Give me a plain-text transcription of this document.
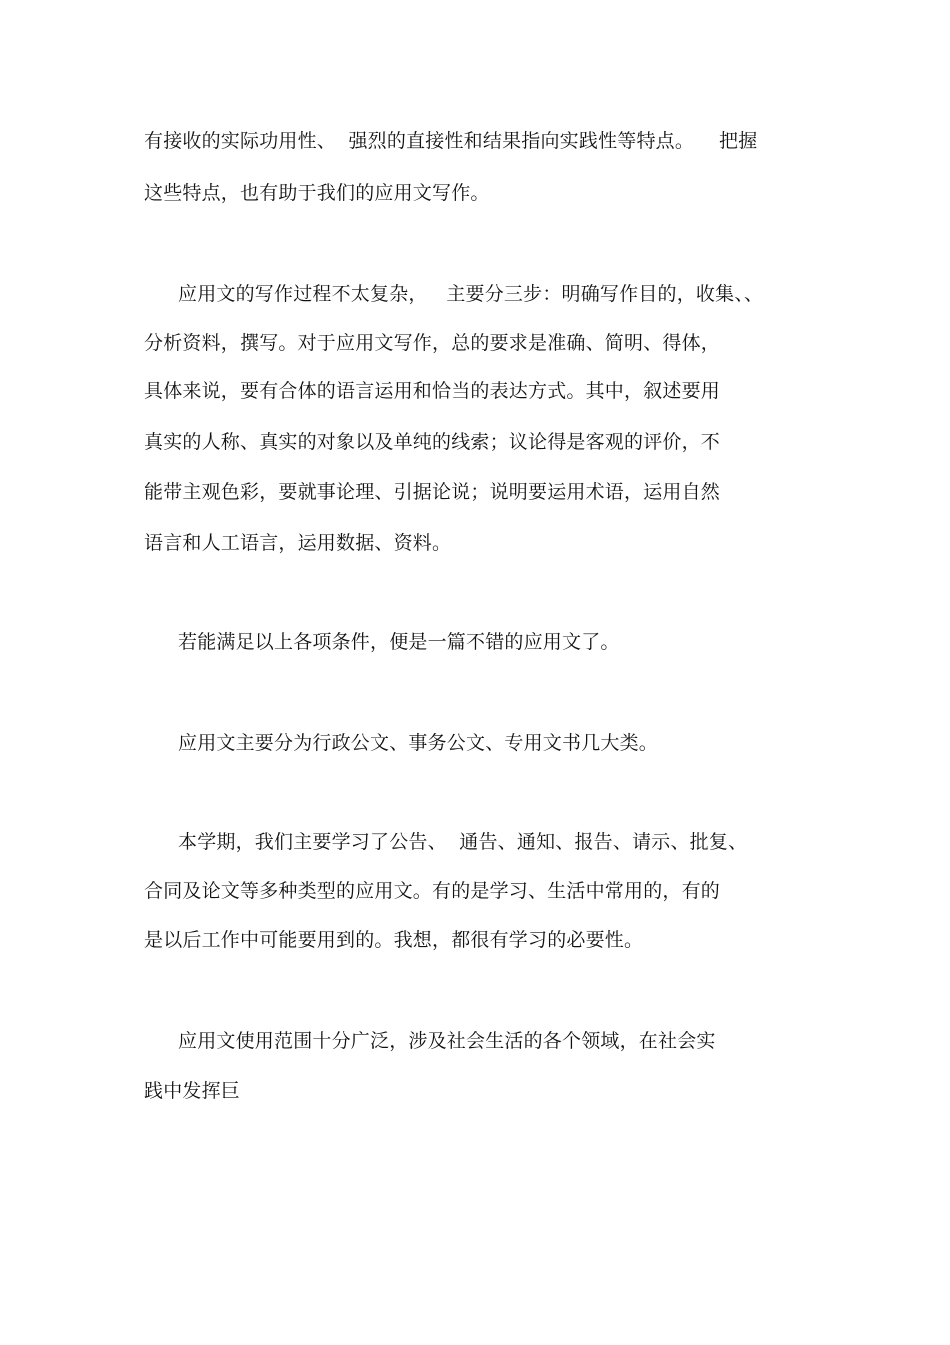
有接收的实际功用性、  强烈的直接性和结果指向实践性等特点。    把握
这些特点，也有助于我们的应用文写作。
应用文的写作过程不太复杂，   主要分三步：明确写作目的，收集、、
分析资料，撰写。对于应用文写作，总的要求是准确、简明、得体，
具体来说，要有合体的语言运用和恰当的表达方式。其中，叙述要用
真实的人称、真实的对象以及单纯的线索；议论得是客观的评价，不
能带主观色彩，要就事论理、引据论说；说明要运用术语，运用自然
语言和人工语言，运用数据、资料。
若能满足以上各项条件，便是一篇不错的应用文了。
应用文主要分为行政公文、事务公文、专用文书几大类。
本学期，我们主要学习了公告、  通告、通知、报告、请示、批复、
合同及论文等多种类型的应用文。有的是学习、生活中常用的，有的
是以后工作中可能要用到的。我想，都很有学习的必要性。
应用文使用范围十分广泛，涉及社会生活的各个领域，在社会实
践中发挥巨
